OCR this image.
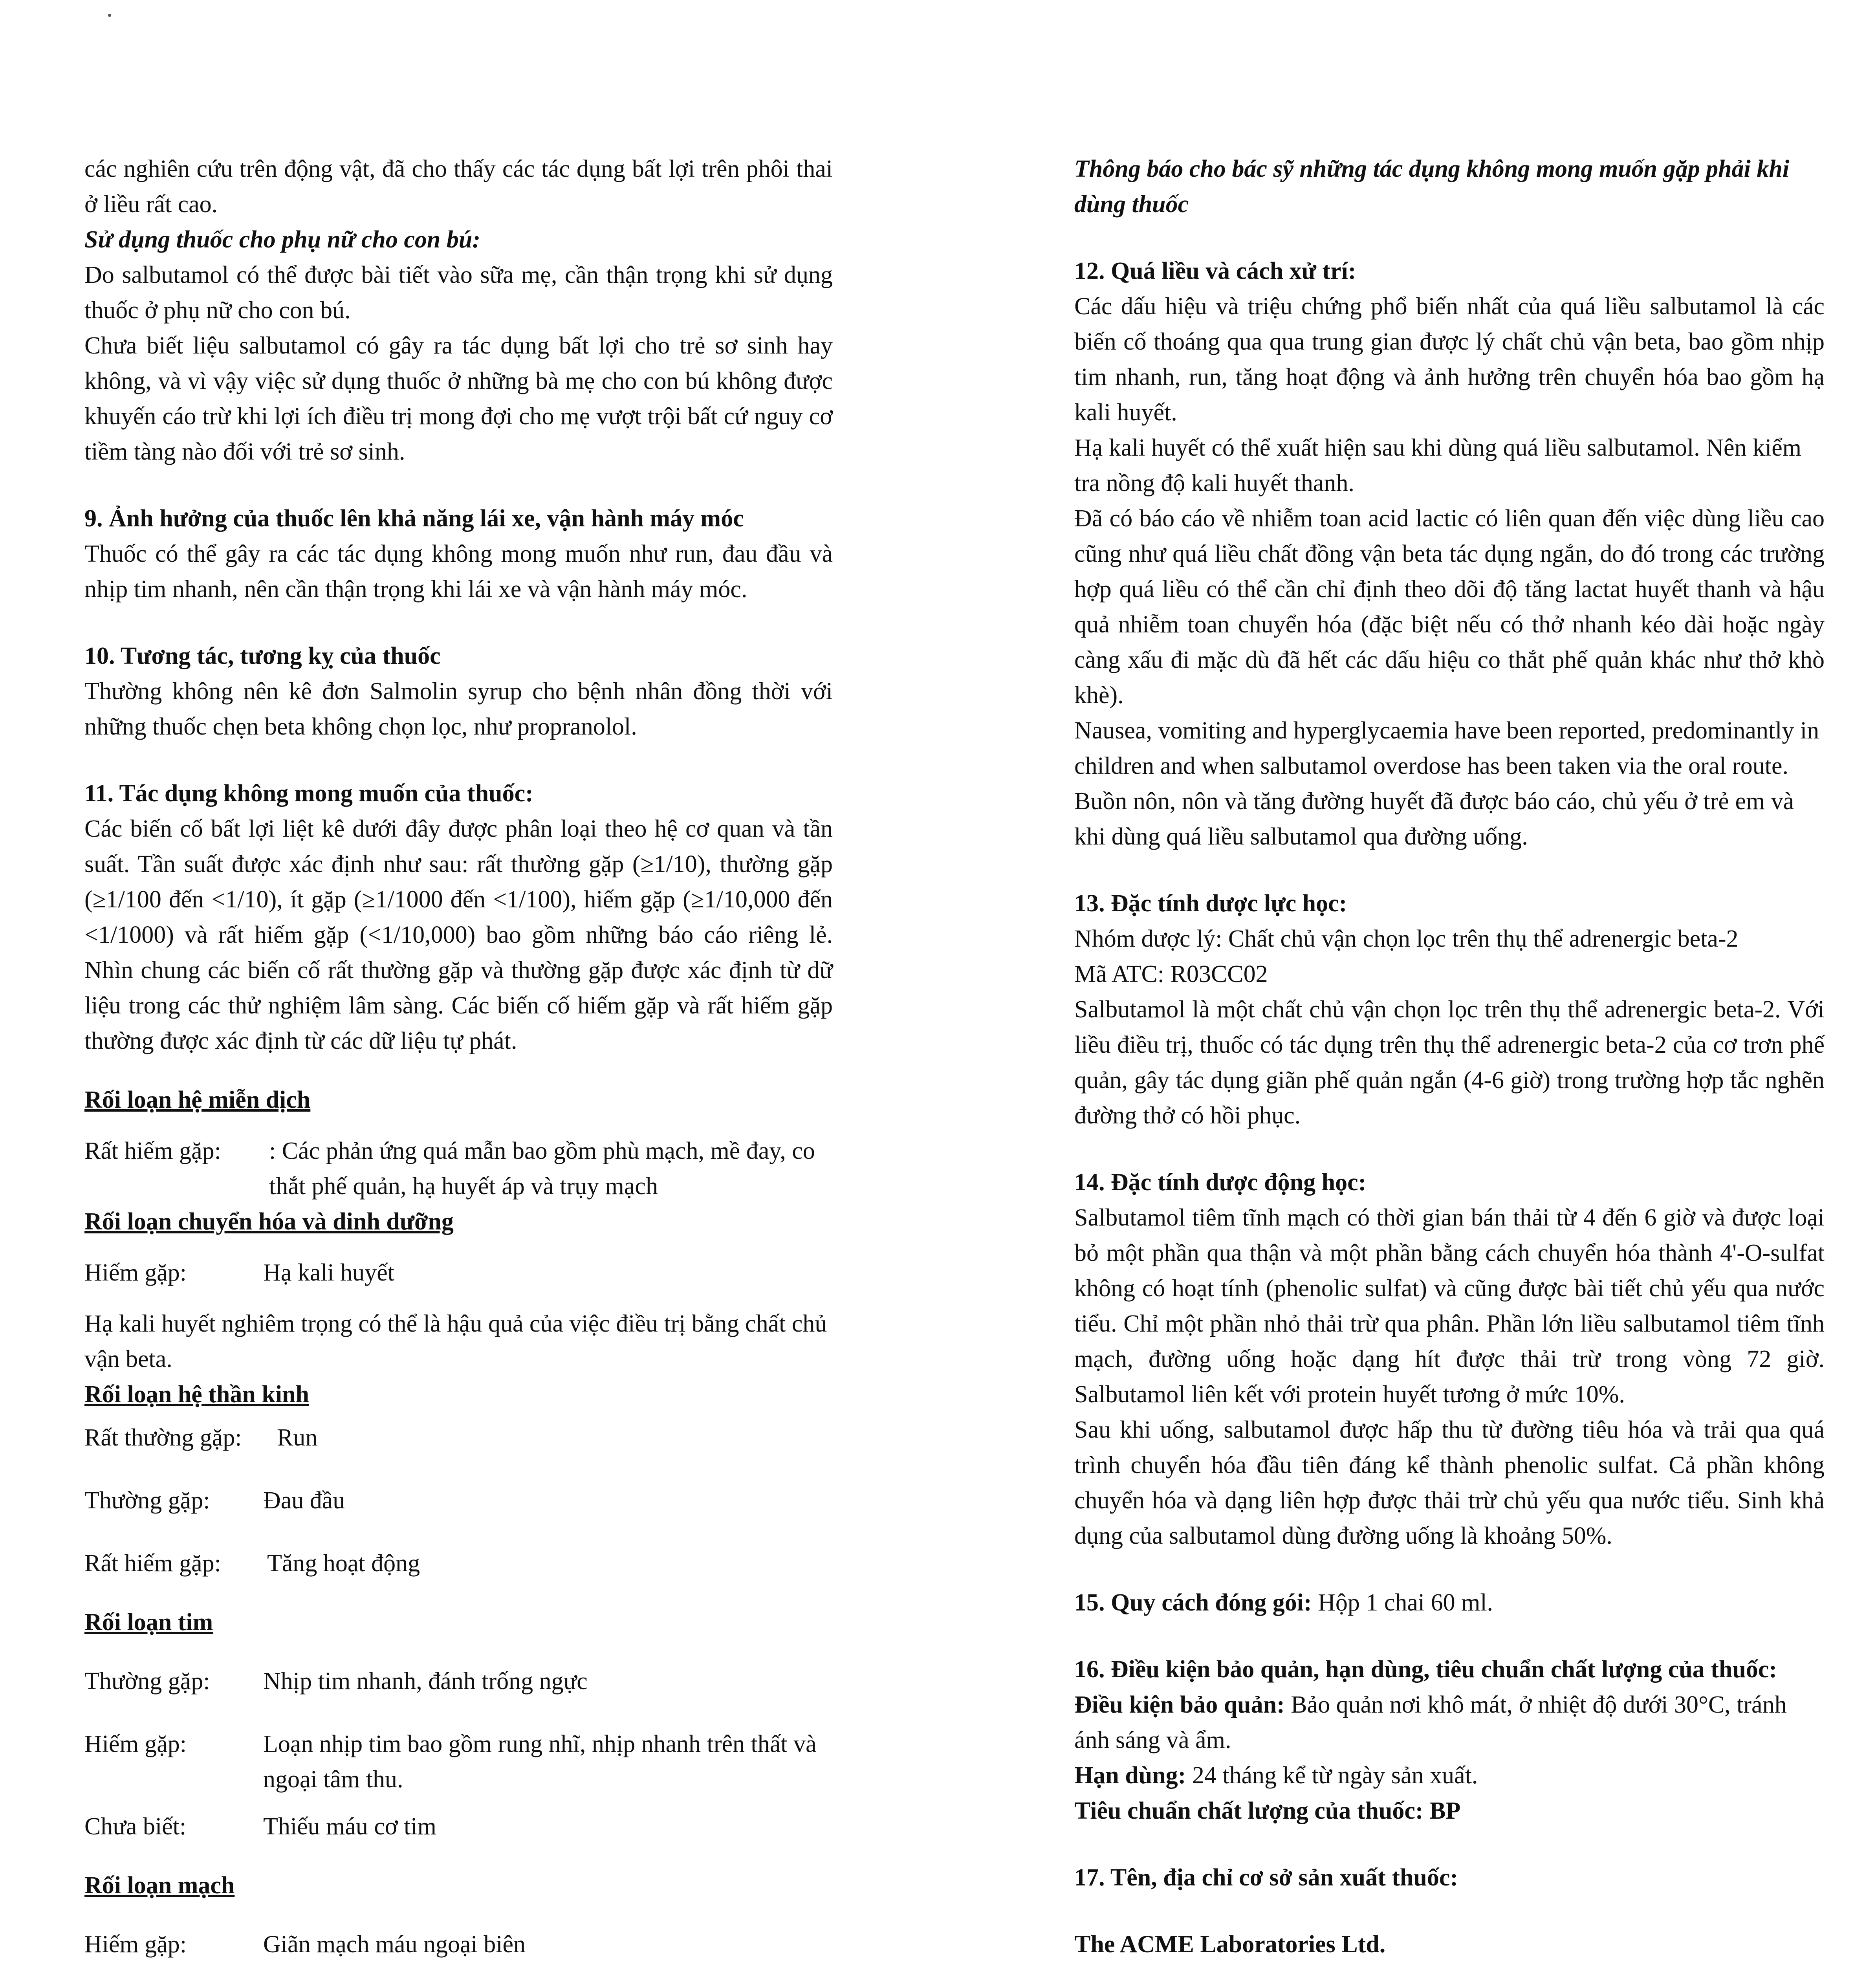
các nghiên cứu trên động vật, đã cho thấy các tác dụng bất lợi trên phôi thai ở liều rất cao.

Sử dụng thuốc cho phụ nữ cho con bú:

Do salbutamol có thể được bài tiết vào sữa mẹ, cần thận trọng khi sử dụng thuốc ở phụ nữ cho con bú.

Chưa biết liệu salbutamol có gây ra tác dụng bất lợi cho trẻ sơ sinh hay không, và vì vậy việc sử dụng thuốc ở những bà mẹ cho con bú không được khuyến cáo trừ khi lợi ích điều trị mong đợi cho mẹ vượt trội bất cứ nguy cơ tiềm tàng nào đối với trẻ sơ sinh.

9. Ảnh hưởng của thuốc lên khả năng lái xe, vận hành máy móc

Thuốc có thể gây ra các tác dụng không mong muốn như run, đau đầu và nhịp tim nhanh, nên cần thận trọng khi lái xe và vận hành máy móc.

10. Tương tác, tương kỵ của thuốc

Thường không nên kê đơn Salmolin syrup cho bệnh nhân đồng thời với những thuốc chẹn beta không chọn lọc, như propranolol.

11. Tác dụng không mong muốn của thuốc:

Các biến cố bất lợi liệt kê dưới đây được phân loại theo hệ cơ quan và tần suất. Tần suất được xác định như sau: rất thường gặp (≥1/10), thường gặp (≥1/100 đến <1/10), ít gặp (≥1/1000 đến <1/100), hiếm gặp (≥1/10,000 đến <1/1000) và rất hiếm gặp (<1/10,000) bao gồm những báo cáo riêng lẻ. Nhìn chung các biến cố rất thường gặp và thường gặp được xác định từ dữ liệu trong các thử nghiệm lâm sàng. Các biến cố hiếm gặp và rất hiếm gặp thường được xác định từ các dữ liệu tự phát.

Rối loạn hệ miễn dịch

Rất hiếm gặp:	: Các phản ứng quá mẫn bao gồm phù mạch, mề đay, co thắt phế quản, hạ huyết áp và trụy mạch

Rối loạn chuyển hóa và dinh dưỡng

Hiếm gặp:	Hạ kali huyết

Hạ kali huyết nghiêm trọng có thể là hậu quả của việc điều trị bằng chất chủ vận beta.

Rối loạn hệ thần kinh

Rất thường gặp:	Run
Thường gặp:	Đau đầu
Rất hiếm gặp:	Tăng hoạt động

Rối loạn tim

Thường gặp:	Nhịp tim nhanh, đánh trống ngực
Hiếm gặp:	Loạn nhịp tim bao gồm rung nhĩ, nhịp nhanh trên thất và ngoại tâm thu.
Chưa biết:	Thiếu máu cơ tim

Rối loạn mạch

Hiếm gặp:	Giãn mạch máu ngoại biên

Thông báo cho bác sỹ những tác dụng không mong muốn gặp phải khi dùng thuốc

12. Quá liều và cách xử trí:

Các dấu hiệu và triệu chứng phổ biến nhất của quá liều salbutamol là các biến cố thoáng qua qua trung gian được lý chất chủ vận beta, bao gồm nhịp tim nhanh, run, tăng hoạt động và ảnh hưởng trên chuyển hóa bao gồm hạ kali huyết.

Hạ kali huyết có thể xuất hiện sau khi dùng quá liều salbutamol. Nên kiểm tra nồng độ kali huyết thanh.

Đã có báo cáo về nhiễm toan acid lactic có liên quan đến việc dùng liều cao cũng như quá liều chất đồng vận beta tác dụng ngắn, do đó trong các trường hợp quá liều có thể cần chỉ định theo dõi độ tăng lactat huyết thanh và hậu quả nhiễm toan chuyển hóa (đặc biệt nếu có thở nhanh kéo dài hoặc ngày càng xấu đi mặc dù đã hết các dấu hiệu co thắt phế quản khác như thở khò khè).

Nausea, vomiting and hyperglycaemia have been reported, predominantly in children and when salbutamol overdose has been taken via the oral route.

Buồn nôn, nôn và tăng đường huyết đã được báo cáo, chủ yếu ở trẻ em và khi dùng quá liều salbutamol qua đường uống.

13. Đặc tính dược lực học:

Nhóm dược lý: Chất chủ vận chọn lọc trên thụ thể adrenergic beta-2

Mã ATC: R03CC02

Salbutamol là một chất chủ vận chọn lọc trên thụ thể adrenergic beta-2. Với liều điều trị, thuốc có tác dụng trên thụ thể adrenergic beta-2 của cơ trơn phế quản, gây tác dụng giãn phế quản ngắn (4-6 giờ) trong trường hợp tắc nghẽn đường thở có hồi phục.

14. Đặc tính dược động học:

Salbutamol tiêm tĩnh mạch có thời gian bán thải từ 4 đến 6 giờ và được loại bỏ một phần qua thận và một phần bằng cách chuyển hóa thành 4'-O-sulfat không có hoạt tính (phenolic sulfat) và cũng được bài tiết chủ yếu qua nước tiểu. Chỉ một phần nhỏ thải trừ qua phân. Phần lớn liều salbutamol tiêm tĩnh mạch, đường uống hoặc dạng hít được thải trừ trong vòng 72 giờ. Salbutamol liên kết với protein huyết tương ở mức 10%.

Sau khi uống, salbutamol được hấp thu từ đường tiêu hóa và trải qua quá trình chuyển hóa đầu tiên đáng kể thành phenolic sulfat. Cả phần không chuyển hóa và dạng liên hợp được thải trừ chủ yếu qua nước tiểu. Sinh khả dụng của salbutamol dùng đường uống là khoảng 50%.

15. Quy cách đóng gói: Hộp 1 chai 60 ml.

16. Điều kiện bảo quản, hạn dùng, tiêu chuẩn chất lượng của thuốc:

Điều kiện bảo quản: Bảo quản nơi khô mát, ở nhiệt độ dưới 30°C, tránh ánh sáng và ẩm.

Hạn dùng: 24 tháng kể từ ngày sản xuất.

Tiêu chuẩn chất lượng của thuốc: BP

17. Tên, địa chỉ cơ sở sản xuất thuốc:

The ACME Laboratories Ltd.
